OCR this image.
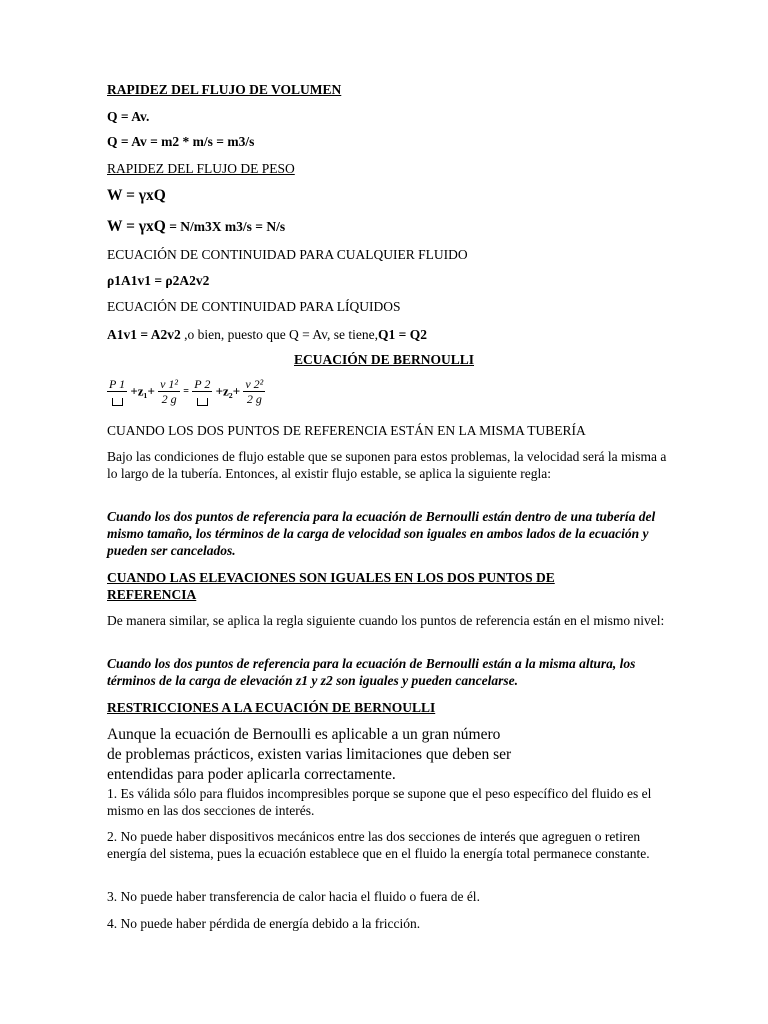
RAPIDEZ DEL FLUJO DE VOLUMEN
Q = Av.
Q = Av = m2 * m/s = m3/s
RAPIDEZ DEL FLUJO DE PESO
W = γxQ
W = γxQ = N/m3X m3/s = N/s
ECUACIÓN DE CONTINUIDAD PARA CUALQUIER FLUIDO
ρ1A1v1 = ρ2A2v2
ECUACIÓN DE CONTINUIDAD PARA LÍQUIDOS
A1v1 = A2v2 ,o bien, puesto que Q = Av, se tiene,Q1 = Q2
ECUACIÓN DE BERNOULLI
P $1 +z_1+ \frac{\text{v 1²}}{2 g}$ =
P $2 +z_2+ \frac{\text{v 2²}}{2 g}$
CUANDO LOS DOS PUNTOS DE REFERENCIA ESTÁN EN LA MISMA TUBERÍA
Bajo las condiciones de flujo estable que se suponen para estos problemas, la velocidad será la misma a lo largo de la tubería. Entonces, al existir flujo estable, se aplica la siguiente regla:
Cuando los dos puntos de referencia para la ecuación de Bernoulli están dentro de una tubería del mismo tamaño, los términos de la carga de velocidad son iguales en ambos lados de la ecuación y pueden ser cancelados.
CUANDO LAS ELEVACIONES SON IGUALES EN LOS DOS PUNTOS DE REFERENCIA
De manera similar, se aplica la regla siguiente cuando los puntos de referencia están en el mismo nivel:
Cuando los dos puntos de referencia para la ecuación de Bernoulli están a la misma altura, los términos de la carga de elevación z1 y z2 son iguales y pueden cancelarse.
RESTRICCIONES A LA ECUACIÓN DE BERNOULLI
Aunque la ecuación de Bernoulli es aplicable a un gran número
de problemas prácticos, existen varias limitaciones que deben ser
entendidas para poder aplicarla correctamente.
1. Es válida sólo para fluidos incompresibles porque se supone que el peso específico del fluido es el mismo en las dos secciones de interés.
2. No puede haber dispositivos mecánicos entre las dos secciones de interés que agreguen o retiren energía del sistema, pues la ecuación establece que en el fluido la energía total permanece constante.
3. No puede haber transferencia de calor hacia el fluido o fuera de él.
4. No puede haber pérdida de energía debido a la fricción.
